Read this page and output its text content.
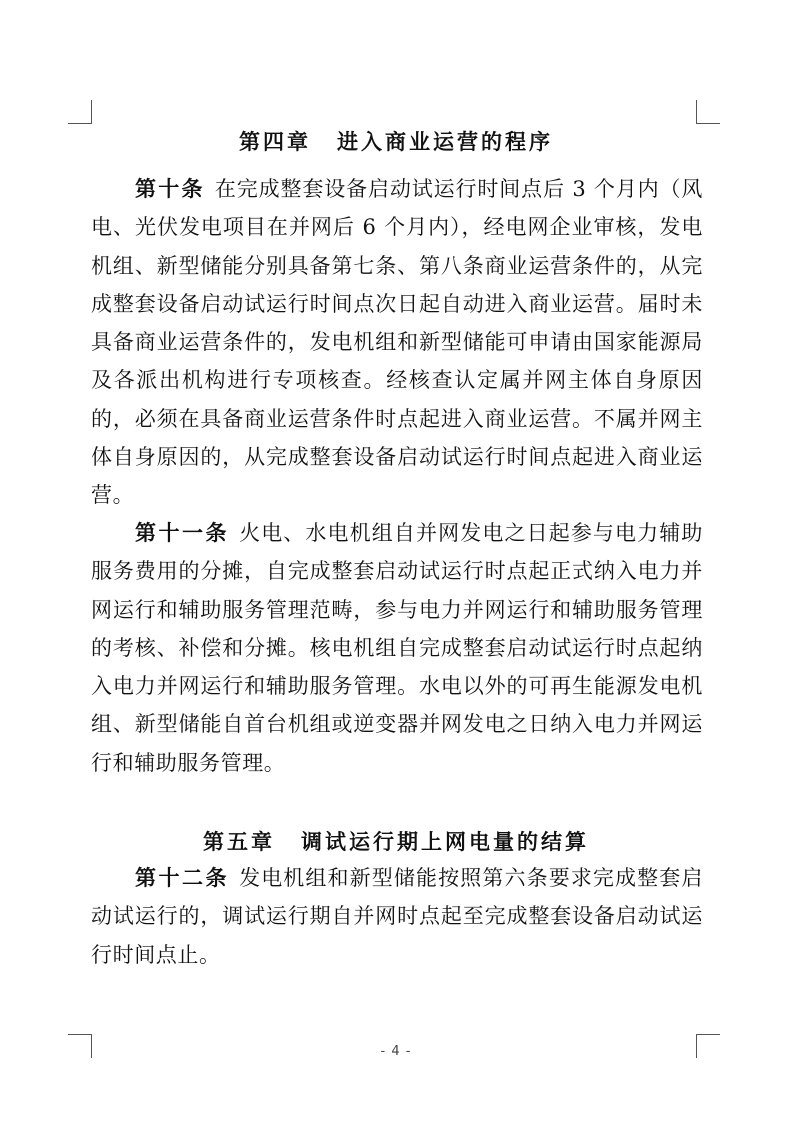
第四章 进入商业运营的程序

第十条 在完成整套设备启动试运行时间点后 3 个月内（风电、光伏发电项目在并网后 6 个月内），经电网企业审核，发电机组、新型储能分别具备第七条、第八条商业运营条件的，从完成整套设备启动试运行时间点次日起自动进入商业运营。届时未具备商业运营条件的，发电机组和新型储能可申请由国家能源局及各派出机构进行专项核查。经核查认定属并网主体自身原因的，必须在具备商业运营条件时点起进入商业运营。不属并网主体自身原因的，从完成整套设备启动试运行时间点起进入商业运营。

第十一条 火电、水电机组自并网发电之日起参与电力辅助服务费用的分摊，自完成整套启动试运行时点起正式纳入电力并网运行和辅助服务管理范畴，参与电力并网运行和辅助服务管理的考核、补偿和分摊。核电机组自完成整套启动试运行时点起纳入电力并网运行和辅助服务管理。水电以外的可再生能源发电机组、新型储能自首台机组或逆变器并网发电之日纳入电力并网运行和辅助服务管理。

第五章 调试运行期上网电量的结算

第十二条 发电机组和新型储能按照第六条要求完成整套启动试运行的，调试运行期自并网时点起至完成整套设备启动试运行时间点止。

- 4 -
